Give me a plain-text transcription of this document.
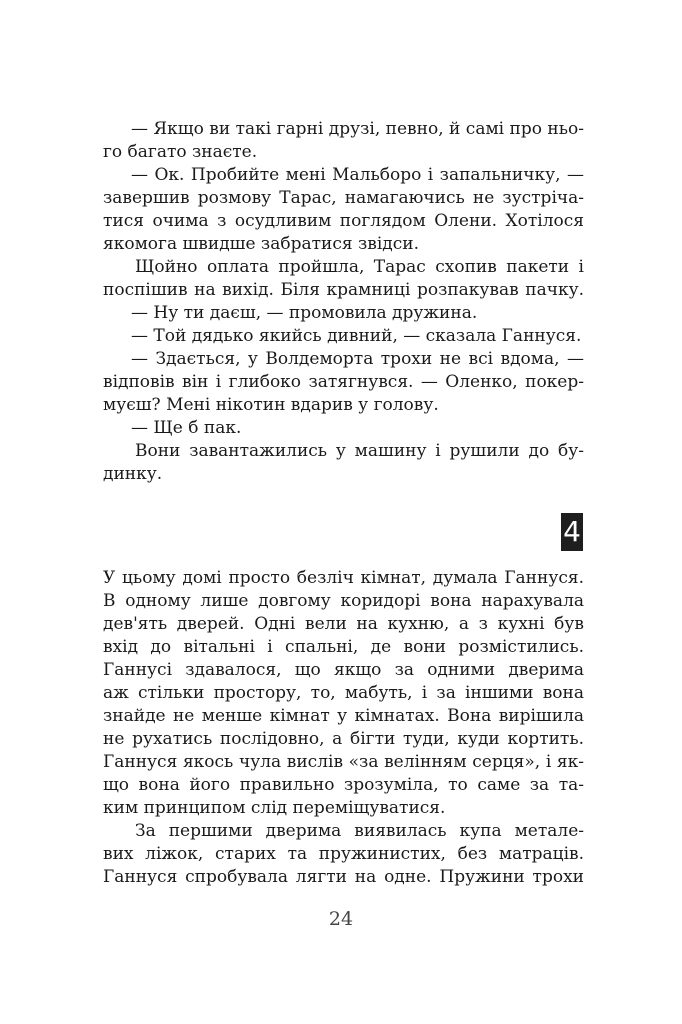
— Якщо ви такі гарні друзі, певно, й самі про ньо-
го багато знаєте.
— Ок. Пробийте мені Мальборо і запальничку, —
завершив розмову Тарас, намагаючись не зустріча-
тися очима з осудливим поглядом Олени. Хотілося
якомога швидше забратися звідси.
Щойно оплата пройшла, Тарас схопив пакети і
поспішив на вихід. Біля крамниці розпакував пачку.
— Ну ти даєш, — промовила дружина.
— Той дядько якийсь дивний, — сказала Ганнуся.
— Здається, у Волдеморта трохи не всі вдома, —
відповів він і глибоко затягнувся. — Оленко, покер-
муєш? Мені нікотин вдарив у голову.
— Ще б пак.
Вони завантажились у машину і рушили до бу-
динку.
4
У цьому домі просто безліч кімнат, думала Ганнуся.
В одному лише довгому коридорі вона нарахувала
дев'ять дверей. Одні вели на кухню, а з кухні був
вхід до вітальні і спальні, де вони розмістились.
Ганнусі здавалося, що якщо за одними дверима
аж стільки простору, то, мабуть, і за іншими вона
знайде не менше кімнат у кімнатах. Вона вирішила
не рухатись послідовно, а бігти туди, куди кортить.
Ганнуся якось чула вислів «за велінням серця», і як-
що вона його правильно зрозуміла, то саме за та-
ким принципом слід переміщуватися.
За першими дверима виявилась купа металe-
вих ліжок, старих та пружинистих, без матраців.
Ганнуся спробувала лягти на одне. Пружини трохи
24
